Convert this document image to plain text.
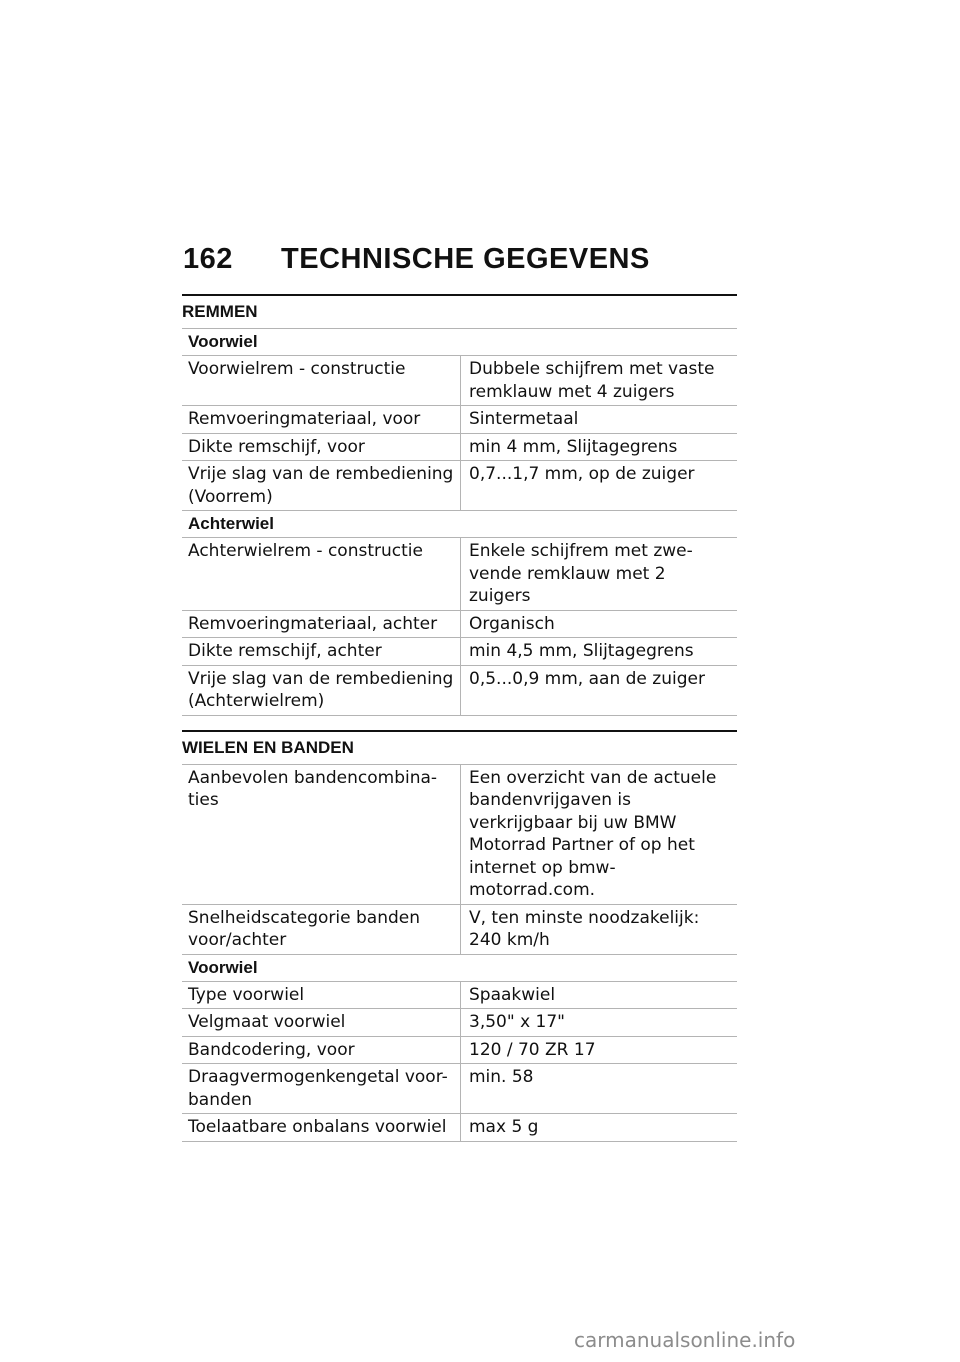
162	TECHNISCHE GEGEVENS
REMMEN
Voorwiel
Voorwielrem - constructie	Dubbele schijfrem met vaste remklauw met 4 zuigers
Remvoeringmateriaal, voor	Sintermetaal
Dikte remschijf, voor	min 4 mm, Slijtagegrens
Vrije slag van de rembediening (Voorrem)	0,7...1,7 mm, op de zuiger
Achterwiel
Achterwielrem - constructie	Enkele schijfrem met zwe-vende remklauw met 2 zuigers
Remvoeringmateriaal, achter	Organisch
Dikte remschijf, achter	min 4,5 mm, Slijtagegrens
Vrije slag van de rembediening (Achterwielrem)	0,5...0,9 mm, aan de zuiger
WIELEN EN BANDEN
Aanbevolen bandencombina-ties	Een overzicht van de actuele bandenvrijgaven is verkrijgbaar bij uw BMW Motorrad Partner of op het internet op bmw-motorrad.com.
Snelheidscategorie banden voor/achter	V, ten minste noodzakelijk: 240 km/h
Voorwiel
Type voorwiel	Spaakwiel
Velgmaat voorwiel	3,50" x 17"
Bandcodering, voor	120 / 70 ZR 17
Draagvermogenkengetal voor-banden	min. 58
Toelaatbare onbalans voorwiel	max 5 g
carmanualsonline.info
